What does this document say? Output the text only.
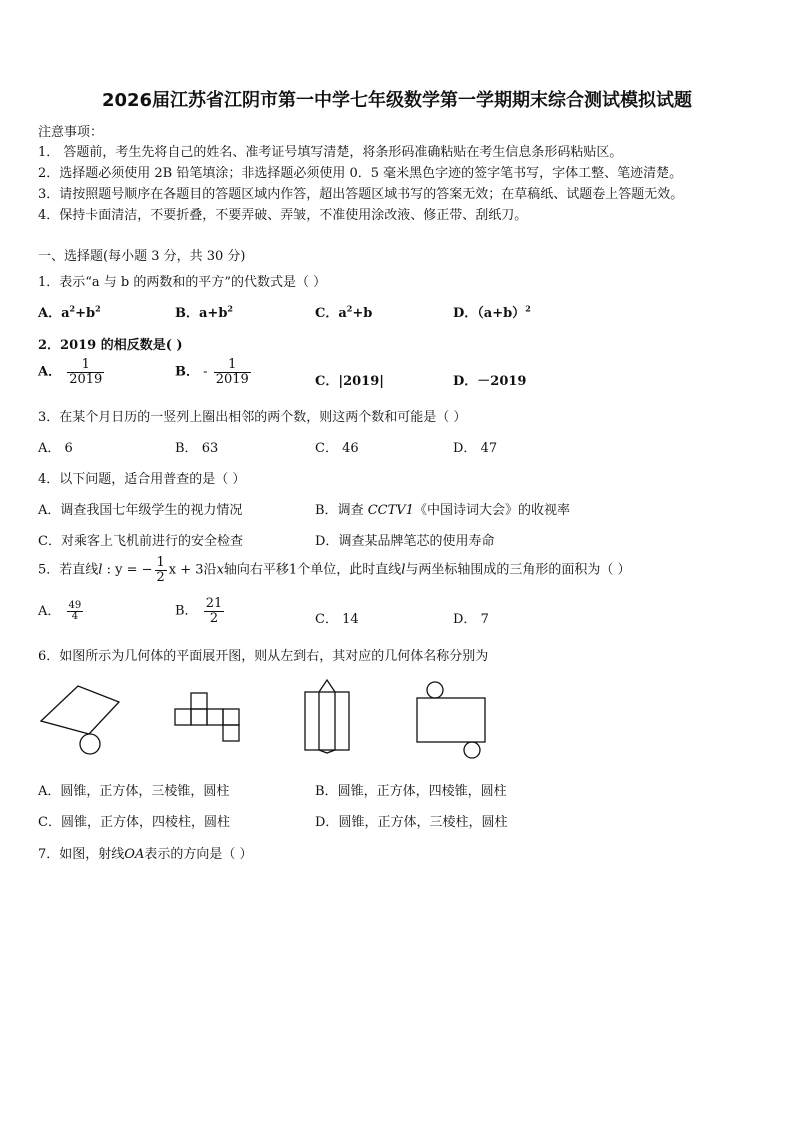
2026届江苏省江阴市第一中学七年级数学第一学期期末综合测试模拟试题
注意事项：
1． 答题前，考生先将自己的姓名、准考证号填写清楚，将条形码准确粘贴在考生信息条形码粘贴区。
2．选择题必须使用 2B 铅笔填涂；非选择题必须使用 0．5 毫米黑色字迹的签字笔书写，字体工整、笔迹清楚。
3．请按照题号顺序在各题目的答题区域内作答，超出答题区域书写的答案无效；在草稿纸、试题卷上答题无效。
4．保持卡面清洁，不要折叠，不要弄破、弄皱，不准使用涂改液、修正带、刮纸刀。
一、选择题(每小题 3 分，共 30 分)
1．表示“a 与 b 的两数和的平方”的代数式是（ ）
A．$a^2+b^2$	B．$a+b^2$	C．$a^2+b$	D．$(a+b)^2$
2．2019 的相反数是( )
A． $\frac{1}{2019}$	B． - $\frac{1}{2019}$	C．|2019|	D．－2019
3．在某个月日历的一竖列上圈出相邻的两个数，则这两个数和可能是（ ）
A． 6	B． 63	C． 46	D． 47
4．以下问题，适合用普查的是（ ）
A．调查我国七年级学生的视力情况	B．调查 CCTV1《中国诗词大会》的收视率
C．对乘客上飞机前进行的安全检查	D．调查某品牌笔芯的使用寿命
5．若直线l : y = − $\frac{1}{2}$ x + 3沿x轴向右平移1个单位，此时直线l与两坐标轴围成的三角形的面积为（ ）
A． $\frac{49}{4}$	B． $\frac{21}{2}$	C． 14	D． 7
6．如图所示为几何体的平面展开图，则从左到右，其对应的几何体名称分别为
A．圆锥，正方体，三棱锥，圆柱	B．圆锥，正方体，四棱锥，圆柱
C．圆锥，正方体，四棱柱，圆柱	D．圆锥，正方体，三棱柱，圆柱
7．如图，射线OA表示的方向是（ ）
